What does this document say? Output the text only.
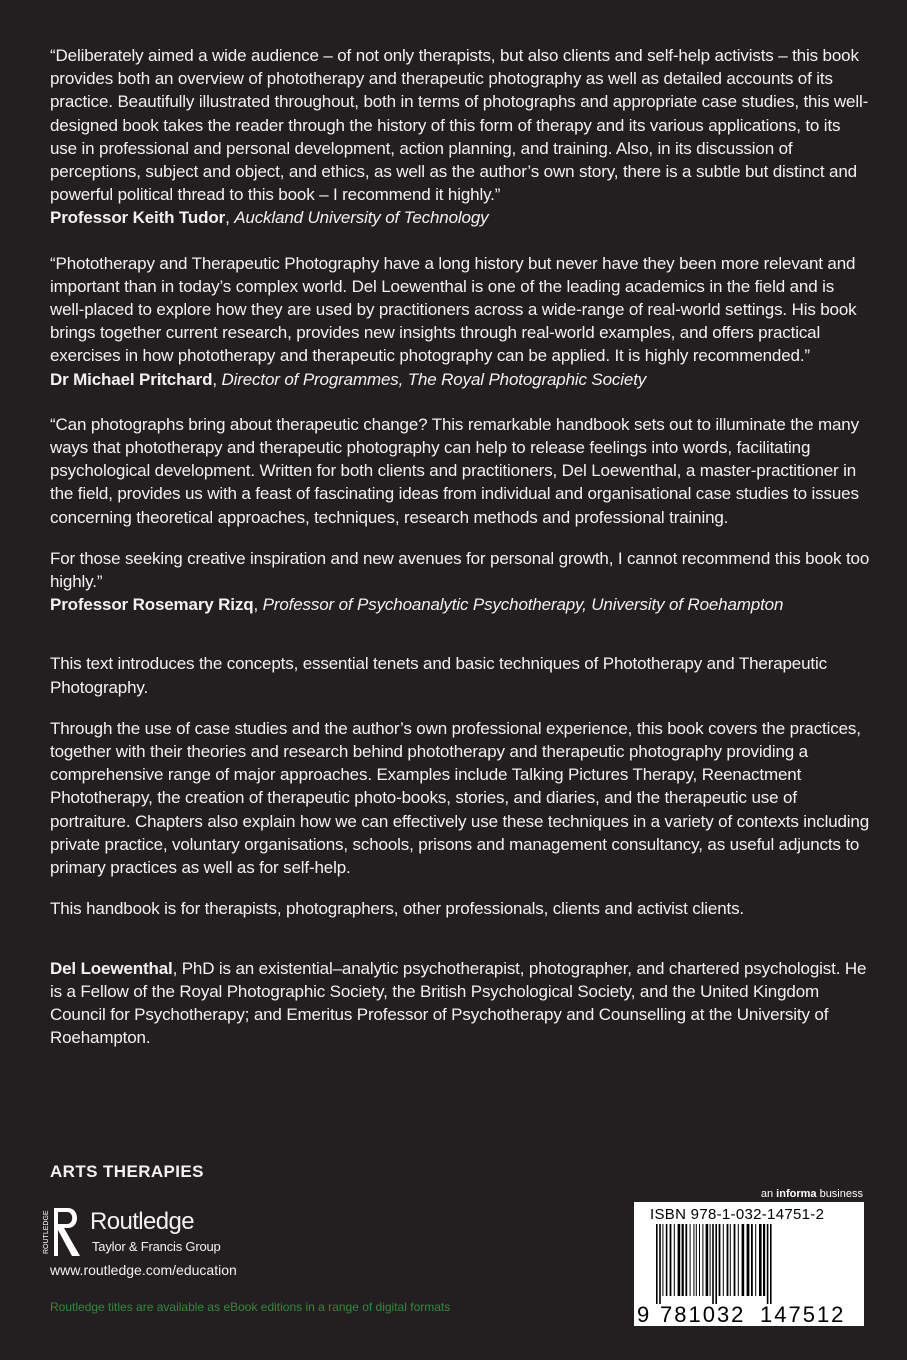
“Deliberately aimed a wide audience – of not only therapists, but also clients and self-help activists – this book provides both an overview of phototherapy and therapeutic photography as well as detailed accounts of its practice. Beautifully illustrated throughout, both in terms of photographs and appropriate case studies, this well-designed book takes the reader through the history of this form of therapy and its various applications, to its use in professional and personal development, action planning, and training. Also, in its discussion of perceptions, subject and object, and ethics, as well as the author’s own story, there is a subtle but distinct and powerful political thread to this book – I recommend it highly.”

Professor Keith Tudor, Auckland University of Technology

“Phototherapy and Therapeutic Photography have a long history but never have they been more relevant and important than in today’s complex world. Del Loewenthal is one of the leading academics in the field and is well-placed to explore how they are used by practitioners across a wide-range of real-world settings. His book brings together current research, provides new insights through real-world examples, and offers practical exercises in how phototherapy and therapeutic photography can be applied. It is highly recommended.”

Dr Michael Pritchard, Director of Programmes, The Royal Photographic Society

“Can photographs bring about therapeutic change? This remarkable handbook sets out to illuminate the many ways that phototherapy and therapeutic photography can help to release feelings into words, facilitating psychological development. Written for both clients and practitioners, Del Loewenthal, a master-practitioner in the field, provides us with a feast of fascinating ideas from individual and organisational case studies to issues concerning theoretical approaches, techniques, research methods and professional training.

For those seeking creative inspiration and new avenues for personal growth, I cannot recommend this book too highly.”

Professor Rosemary Rizq, Professor of Psychoanalytic Psychotherapy, University of Roehampton

This text introduces the concepts, essential tenets and basic techniques of Phototherapy and Therapeutic Photography.

Through the use of case studies and the author’s own professional experience, this book covers the practices, together with their theories and research behind phototherapy and therapeutic photography providing a comprehensive range of major approaches. Examples include Talking Pictures Therapy, Reenactment Phototherapy, the creation of therapeutic photo-books, stories, and diaries, and the therapeutic use of portraiture. Chapters also explain how we can effectively use these techniques in a variety of contexts including private practice, voluntary organisations, schools, prisons and management consultancy, as useful adjuncts to primary practices as well as for self-help.

This handbook is for therapists, photographers, other professionals, clients and activist clients.

Del Loewenthal, PhD is an existential–analytic psychotherapist, photographer, and chartered psychologist. He is a Fellow of the Royal Photographic Society, the British Psychological Society, and the United Kingdom Council for Psychotherapy; and Emeritus Professor of Psychotherapy and Counselling at the University of Roehampton.

ARTS THERAPIES
ROUTLEDGE Routledge
Taylor & Francis Group
www.routledge.com/education
Routledge titles are available as eBook editions in a range of digital formats
an informa business
ISBN 978-1-032-14751-2
9 781032 147512
